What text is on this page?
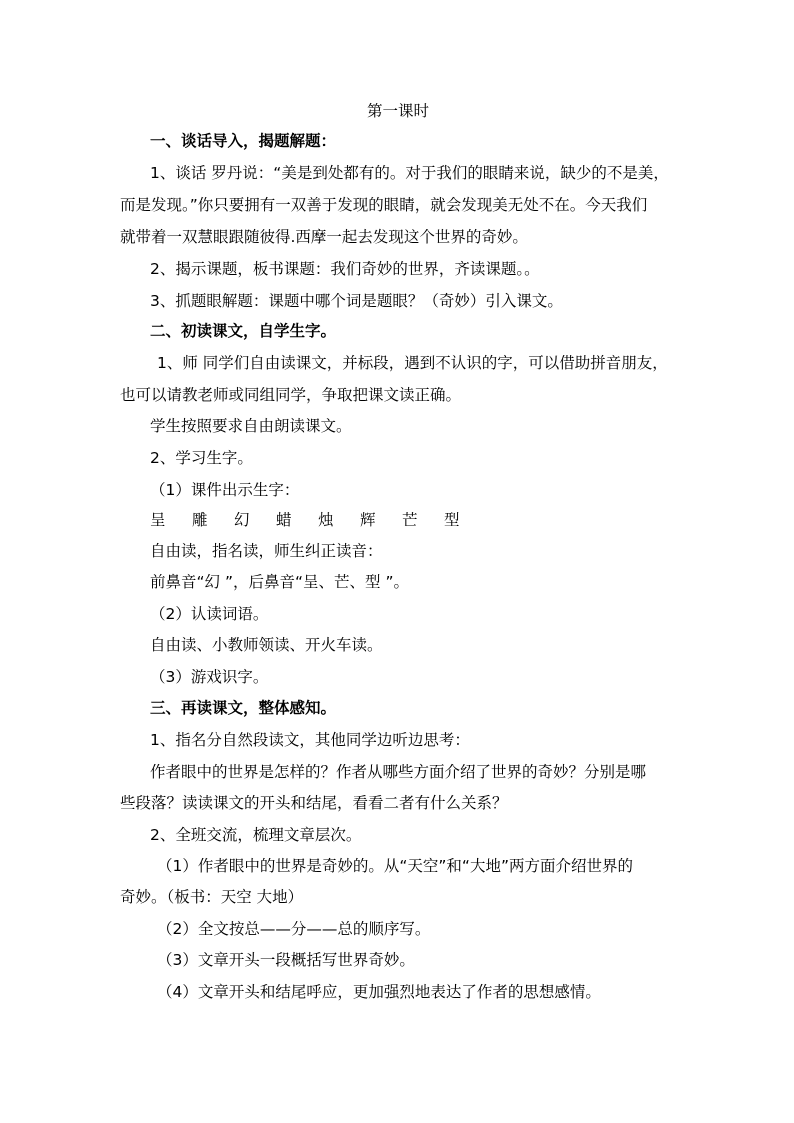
第一课时
一、谈话导入，揭题解题：
1、谈话 罗丹说：“美是到处都有的。对于我们的眼睛来说，缺少的不是美，
而是发现。”你只要拥有一双善于发现的眼睛，就会发现美无处不在。今天我们
就带着一双慧眼跟随彼得.西摩一起去发现这个世界的奇妙。
2、揭示课题，板书课题：我们奇妙的世界，齐读课题。。
3、抓题眼解题：课题中哪个词是题眼？（奇妙）引入课文。
二、初读课文，自学生字。
1、师 同学们自由读课文，并标段，遇到不认识的字，可以借助拼音朋友，
也可以请教老师或同组同学，争取把课文读正确。
学生按照要求自由朗读课文。
2、学习生字。
（1）课件出示生字：
呈	雕	幻	蜡	烛	辉	芒	型
自由读，指名读，师生纠正读音：
前鼻音“幻 ”，后鼻音“呈、芒、型 ”。
（2）认读词语。
自由读、小教师领读、开火车读。
（3）游戏识字。
三、再读课文，整体感知。
1、指名分自然段读文，其他同学边听边思考：
作者眼中的世界是怎样的？作者从哪些方面介绍了世界的奇妙？分别是哪
些段落？读读课文的开头和结尾，看看二者有什么关系？
2、全班交流，梳理文章层次。
（1）作者眼中的世界是奇妙的。从“天空”和“大地”两方面介绍世界的
奇妙。（板书：天空 大地）
（2）全文按总——分——总的顺序写。
（3）文章开头一段概括写世界奇妙。
（4）文章开头和结尾呼应，更加强烈地表达了作者的思想感情。
